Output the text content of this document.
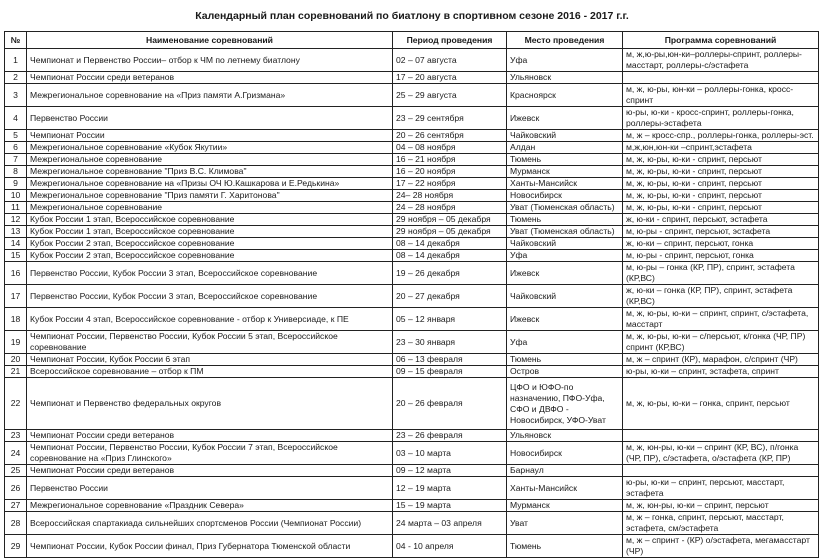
Календарный план соревнований по биатлону в спортивном сезоне 2016 - 2017 г.г.
№	Наименование соревнований	Период проведения	Место проведения	Программа соревнований
1	Чемпионат и Первенство России– отбор к ЧМ по летнему биатлону	02 – 07 августа	Уфа	м, ж,ю-ры,юн-ки–роллеры-спринт, роллеры-масстарт, роллеры-с/эстафета
2	Чемпионат России среди ветеранов	17 – 20 августа	Ульяновск	
3	Межрегиональное соревнование на «Приз памяти А.Гризмана»	25 – 29 августа	Красноярск	м, ж, ю-ры, юн-ки – роллеры-гонка, кросс-спринт
4	Первенство России	23 – 29 сентября	Ижевск	ю-ры, ю-ки - кросс-спринт, роллеры-гонка, роллеры-эстафета
5	Чемпионат России	20 – 26 сентября	Чайковский	м, ж – кросс-спр., роллеры-гонка, роллеры-эст.
6	Межрегиональное соревнование «Кубок Якутии»	04 – 08 ноября	Алдан	м,ж,юн,юн-ки –спринт,эстафета
7	Межрегиональное соревнование	16 – 21 ноября	Тюмень	м, ж, ю-ры, ю-ки - спринт, персьют
8	Межрегиональное соревнование "Приз В.С. Климова"	16 – 20 ноября	Мурманск	м, ж, ю-ры, ю-ки - спринт, персьют
9	Межрегиональное соревнование на «Призы ОЧ Ю.Кашкарова и Е.Редькина»	17 – 22 ноября	Ханты-Мансийск	м, ж, ю-ры, ю-ки - спринт, персьют
10	Межрегиональное соревнование "Приз памяти Г. Харитонова"	24– 28 ноября	Новосибирск	м, ж, ю-ры, ю-ки - спринт, персьют
11	Межрегиональное соревнование	24 – 28 ноября	Уват (Тюменская область)	м, ж, ю-ры, ю-ки - спринт, персьют
12	Кубок России 1 этап, Всероссийское соревнование	29 ноября – 05 декабря	Тюмень	ж, ю-ки - спринт, персьют, эстафета
13	Кубок России 1 этап, Всероссийское соревнование	29 ноября – 05 декабря	Уват (Тюменская область)	м, ю-ры - спринт, персьют, эстафета
14	Кубок России 2 этап, Всероссийское соревнование	08 – 14 декабря	Чайковский	ж, ю-ки – спринт, персьют, гонка
15	Кубок России 2 этап, Всероссийское соревнование	08 – 14 декабря	Уфа	м, ю-ры - спринт, персьют, гонка
16	Первенство России, Кубок России 3 этап, Всероссийское соревнование	19 – 26 декабря	Ижевск	м, ю-ры – гонка (КР, ПР), спринт, эстафета (КР,ВС)
17	Первенство России, Кубок России 3 этап, Всероссийское соревнование	20 – 27 декабря	Чайковский	ж, ю-ки – гонка (КР, ПР), спринт, эстафета (КР,ВС)
18	Кубок России 4 этап, Всероссийское соревнование - отбор к Универсиаде, к ПЕ	05 – 12 января	Ижевск	м, ж, ю-ры, ю-ки – спринт, спринт, с/эстафета, масстарт
19	Чемпионат России, Первенство России, Кубок России 5 этап, Всероссийское соревнование	23 – 30 января	Уфа	м, ж, ю-ры, ю-ки – с/персьют, к/гонка (ЧР, ПР) спринт (КР,ВС)
20	Чемпионат России, Кубок России 6 этап	06 – 13 февраля	Тюмень	м, ж – спринт (КР), марафон, с/спринт (ЧР)
21	Всероссийское соревнование – отбор к ПМ	09 – 15 февраля	Остров	ю-ры, ю-ки – спринт, эстафета, спринт
22	Чемпионат и Первенство федеральных округов	20 – 26 февраля	ЦФО и ЮФО-по назначению, ПФО-Уфа, СФО и ДВФО - Новосибирск, УФО-Уват	м, ж, ю-ры, ю-ки – гонка, спринт, персьют
23	Чемпионат России среди ветеранов	23 – 26 февраля	Ульяновск	
24	Чемпионат России, Первенство России, Кубок России 7 этап, Всероссийское соревнование на «Приз Глинского»	03 – 10 марта	Новосибирск	м, ж, юн-ры, ю-ки – спринт (КР, ВС), п/гонка (ЧР, ПР), с/эстафета, о/эстафета (КР, ПР)
25	Чемпионат России среди ветеранов	09 – 12 марта	Барнаул	
26	Первенство России	12 – 19 марта	Ханты-Мансийск	ю-ры, ю-ки – спринт, персьют, масстарт, эстафета
27	Межрегиональное соревнование «Праздник Севера»	15 – 19 марта	Мурманск	м, ж, юн-ры, ю-ки – спринт, персьют
28	Всероссийская спартакиада сильнейших спортсменов России (Чемпионат России)	24 марта – 03 апреля	Уват	м, ж – гонка, спринт, персьют, масстарт, эстафета, см/эстафета
29	Чемпионат России, Кубок России финал, Приз Губернатора Тюменской области	04 - 10 апреля	Тюмень	м, ж – спринт - (КР) о/эстафета, мегамасстарт (ЧР)
